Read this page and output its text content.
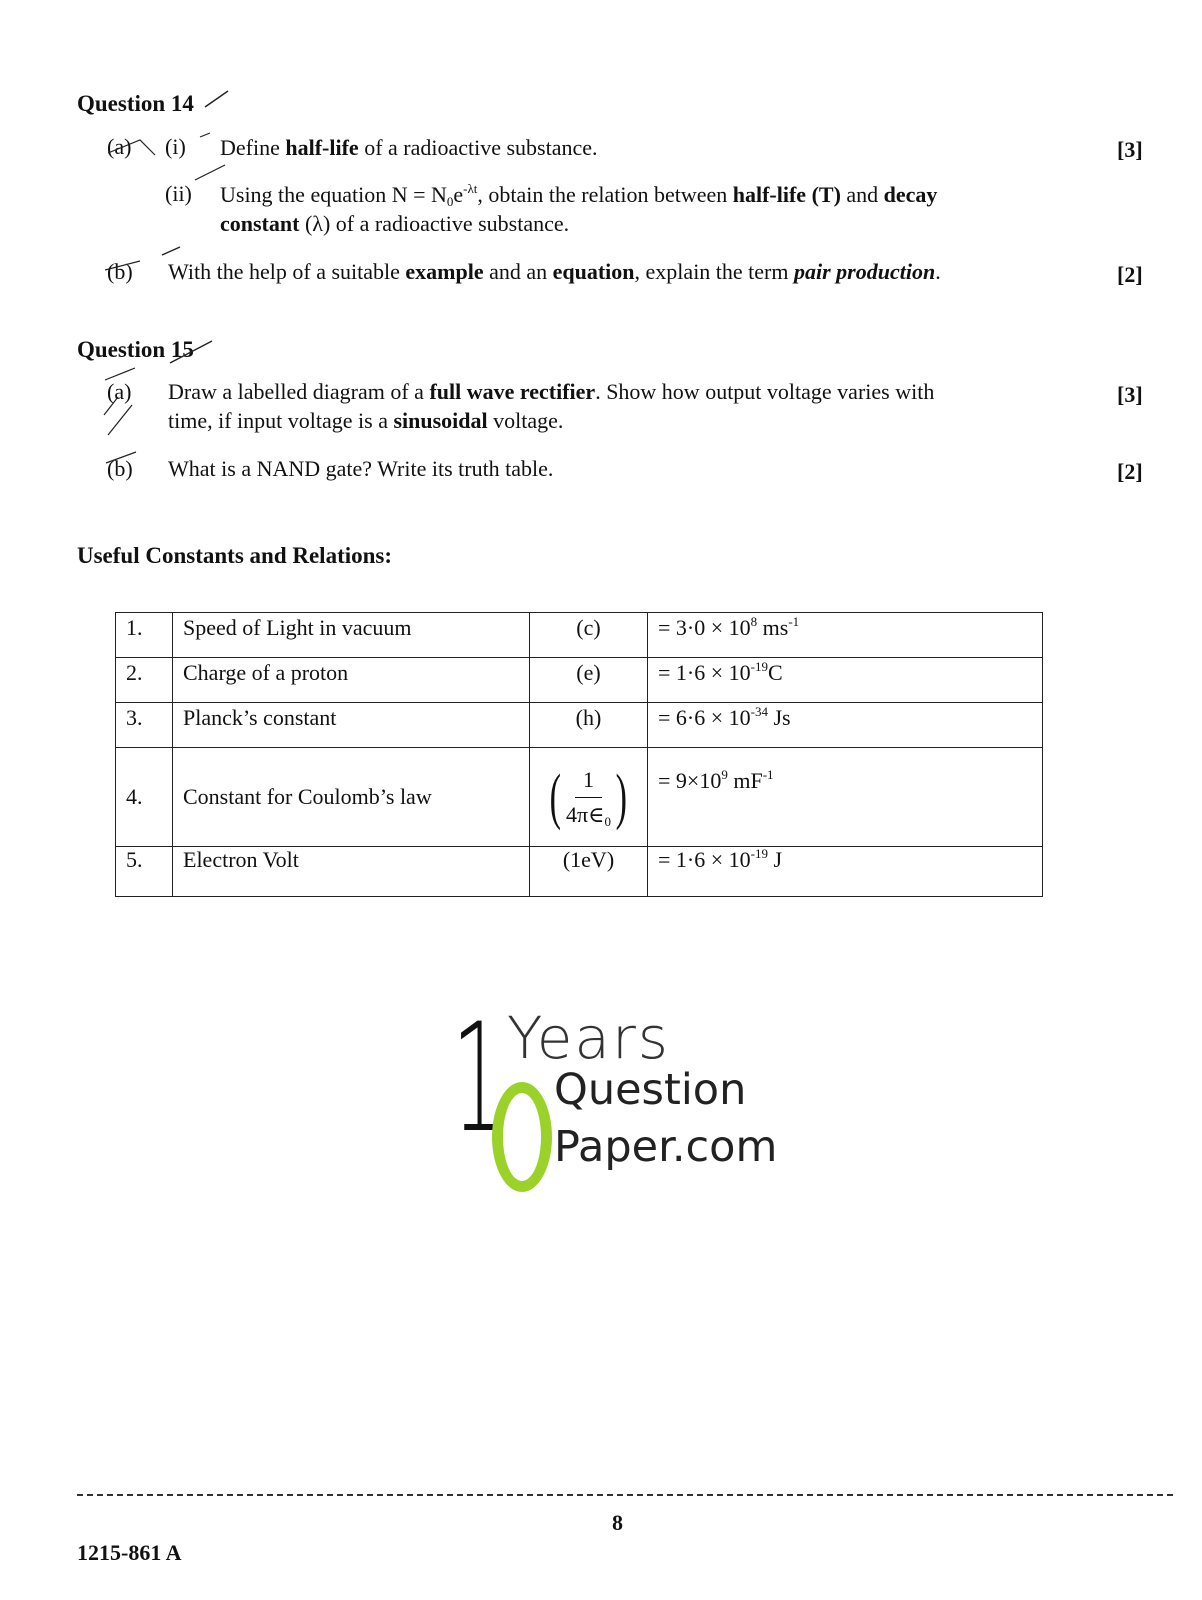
Question 14
(a) (i) Define half-life of a radioactive substance.	[3]
(ii) Using the equation $N = N_0e^{-\lambda t}$, obtain the relation between half-life (T) and decay
constant (λ) of a radioactive substance.
(b) With the help of a suitable example and an equation, explain the term pair production.	[2]
Question 15
(a) Draw a labelled diagram of a full wave rectifier. Show how output voltage varies with
time, if input voltage is a sinusoidal voltage.
[3]
(b) What is a NAND gate? Write its truth table.	[2]
Useful Constants and Relations:
1.	Speed of Light in vacuum	(c)	= $3\cdot 0 \times 10^8$ $ms^{-1}$
2.	Charge of a proton	(e)	= $1\cdot 6 \times 10^{-19}C$
3.	Planck’s constant	(h)	= $6\cdot 6 \times 10^{-34}$ Js
4.	Constant for Coulomb’s law	( $\frac{1}{4\pi\in_0}$ )	= $9\times 10^9$ $mF^{-1}$
5.	Electron Volt	(1eV)	= $1\cdot 6 \times 10^{-19}$ J
1 Years
Question
Paper.com
8
1215-861 A
